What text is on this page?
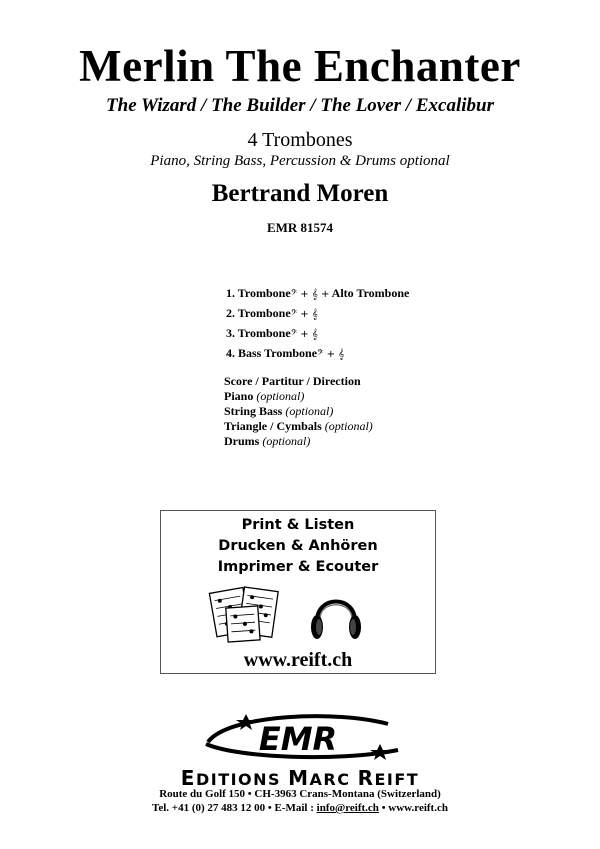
Merlin The Enchanter
The Wizard / The Builder / The Lover / Excalibur
4 Trombones
Piano, String Bass, Percussion & Drums optional
Bertrand Moren
EMR 81574
1. Trombone𝄢 + 𝄞 + Alto Trombone
2. Trombone𝄢 + 𝄞
3. Trombone𝄢 + 𝄞
4. Bass Trombone𝄢 + 𝄞
Score / Partitur / Direction
Piano (optional)
String Bass (optional)
Triangle / Cymbals (optional)
Drums (optional)
Print & Listen
Drucken & Anhören
Imprimer & Ecouter
www.reift.ch
EMR
EDITIONS MARC REIFT
Route du Golf 150 • CH-3963 Crans-Montana (Switzerland)
Tel. +41 (0) 27 483 12 00 • E-Mail : info@reift.ch • www.reift.ch
